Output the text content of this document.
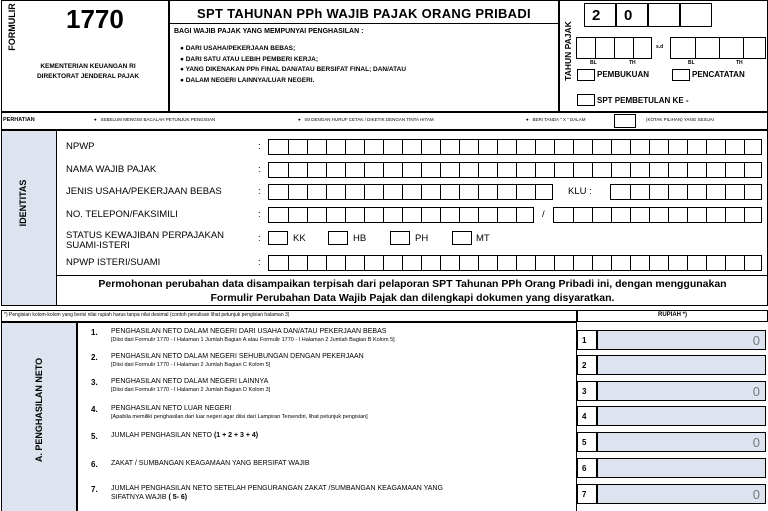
FORMULIR 1770
KEMENTERIAN KEUANGAN RI
DIREKTORAT JENDERAL PAJAK
SPT TAHUNAN PPh WAJIB PAJAK ORANG PRIBADI
BAGI WAJIB PAJAK YANG MEMPUNYAI PENGHASILAN :
● DARI USAHA/PEKERJAAN BEBAS;
● DARI SATU ATAU LEBIH PEMBERI KERJA;
● YANG DIKENAKAN PPh FINAL DAN/ATAU BERSIFAT FINAL; DAN/ATAU
● DALAM NEGERI LAINNYA/LUAR NEGERI.	TAHUN PAJAK
2	0
s.d
BL	TH	BL	TH
PEMBUKUAN	PENCATATAN
SPT PEMBETULAN KE -
PERHATIAN	●   SEBELUM MENGISI BACALAH PETUNJUK PENGISIAN	●   ISI DENGAN HURUF CETAK / DIKETIK DENGAN TINTA HITAM	●   BERI TANDA " X " DALAM	(KOTAK PILIHAN) YANG SESUAI
IDENTITAS
NPWP	:
NAMA WAJIB PAJAK	:
JENIS USAHA/PEKERJAAN BEBAS	:	KLU :
NO. TELEPON/FAKSIMILI	:	/
STATUS KEWAJIBAN PERPAJAKAN
SUAMI-ISTERI
:	KK	HB	PH	MT
NPWP ISTERI/SUAMI	:
Permohonan perubahan data disampaikan terpisah dari pelaporan SPT Tahunan PPh Orang Pribadi ini, dengan menggunakan
Formulir Perubahan Data Wajib Pajak dan dilengkapi dokumen yang disyaratkan.
*) Pengisian kolom-kolom yang berisi nilai rupiah harus tanpa nilai desimal (contoh penulisan lihat petunjuk pengisian halaman 3)	RUPIAH *)
A. PENGHASILAN NETO
1. PENGHASILAN NETO DALAM NEGERI DARI USAHA DAN/ATAU PEKERJAAN BEBAS
[Diisi dari Formulir 1770 - I Halaman 1 Jumlah Bagian A atau Formulir 1770 - I Halaman 2 Jumlah Bagian B Kolom 5]	1	0
2. PENGHASILAN NETO DALAM NEGERI SEHUBUNGAN DENGAN PEKERJAAN
[Diisi dari Formulir 1770 - I Halaman 2 Jumlah Bagian C Kolom 5]	2
3. PENGHASILAN NETO DALAM NEGERI LAINNYA
[Diisi dari Formulir 1770 - I Halaman 2 Jumlah Bagian D Kolom 3]	3	0
4. PENGHASILAN NETO LUAR NEGERI
[Apabila memiliki penghasilan dari luar negeri agar diisi dari Lampiran Tersendiri, lihat petunjuk pengisian]	4
5. JUMLAH PENGHASILAN NETO (1 + 2 + 3 + 4)
5	0
6. ZAKAT / SUMBANGAN KEAGAMAAN YANG BERSIFAT WAJIB
6
7. JUMLAH PENGHASILAN NETO SETELAH PENGURANGAN ZAKAT /SUMBANGAN KEAGAMAAN YANG
SIFATNYA WAJIB ( 5- 6)	7	0
